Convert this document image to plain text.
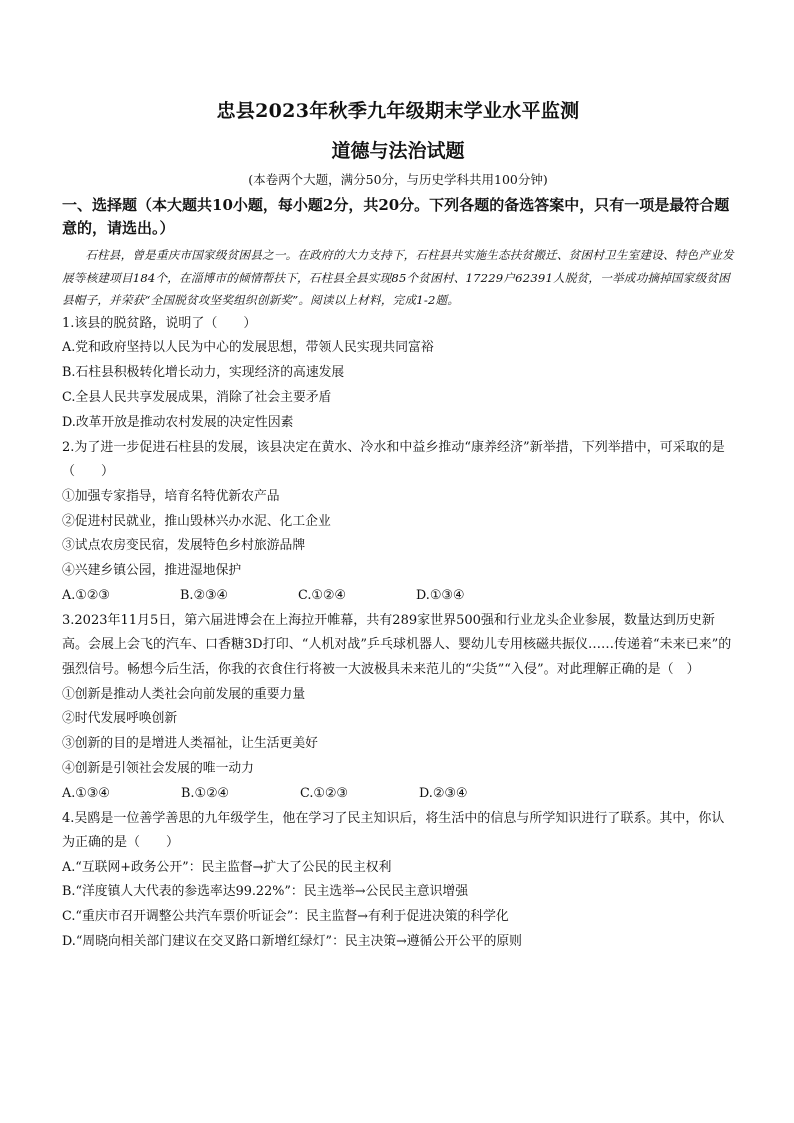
忠县2023年秋季九年级期末学业水平监测
道德与法治试题
(本卷两个大题，满分50分，与历史学科共用100分钟)
一、选择题（本大题共10小题，每小题2分，共20分。下列各题的备选答案中，只有一项是最符合题意的，请选出。）
石柱县，曾是重庆市国家级贫困县之一。在政府的大力支持下，石柱县共实施生态扶贫搬迁、贫困村卫生室建设、特色产业发展等核建项目184个，在淄博市的倾情帮扶下，石柱县全县实现85个贫困村、17229户62391人脱贫，一举成功摘掉国家级贫困县帽子，并荣获“全国脱贫攻坚奖组织创新奖”。阅读以上材料，完成1-2题。
1.该县的脱贫路，说明了（　　）
A.党和政府坚持以人民为中心的发展思想，带领人民实现共同富裕
B.石柱县积极转化增长动力，实现经济的高速发展
C.全县人民共享发展成果，消除了社会主要矛盾
D.改革开放是推动农村发展的决定性因素
2.为了进一步促进石柱县的发展，该县决定在黄水、冷水和中益乡推动“康养经济”新举措，下列举措中，可采取的是（　　）
①加强专家指导，培育名特优新农产品
②促进村民就业，推山毁林兴办水泥、化工企业
③试点农房变民宿，发展特色乡村旅游品牌
④兴建乡镇公园，推进湿地保护
A.①②③	B.②③④	C.①②④	D.①③④
3.2023年11月5日，第六届进博会在上海拉开帷幕，共有289家世界500强和行业龙头企业参展，数量达到历史新高。会展上会飞的汽车、口香糖3D打印、“人机对战”乒乓球机器人、婴幼儿专用核磁共振仪……传递着“未来已来”的强烈信号。畅想今后生活，你我的衣食住行将被一大波极具未来范儿的“尖货”“入侵”。对此理解正确的是（　）
①创新是推动人类社会向前发展的重要力量
②时代发展呼唤创新
③创新的目的是增进人类福祉，让生活更美好
④创新是引领社会发展的唯一动力
A.①③④	B.①②④	C.①②③	D.②③④
4.吴鸥是一位善学善思的九年级学生，他在学习了民主知识后，将生活中的信息与所学知识进行了联系。其中，你认为正确的是（　　）
A.“互联网+政务公开”：民主监督→扩大了公民的民主权利
B.“洋度镇人大代表的参选率达99.22%”：民主选举→公民民主意识增强
C.“重庆市召开调整公共汽车票价听证会”：民主监督→有利于促进决策的科学化
D.“周晓向相关部门建议在交叉路口新增红绿灯”：民主决策→遵循公开公平的原则
